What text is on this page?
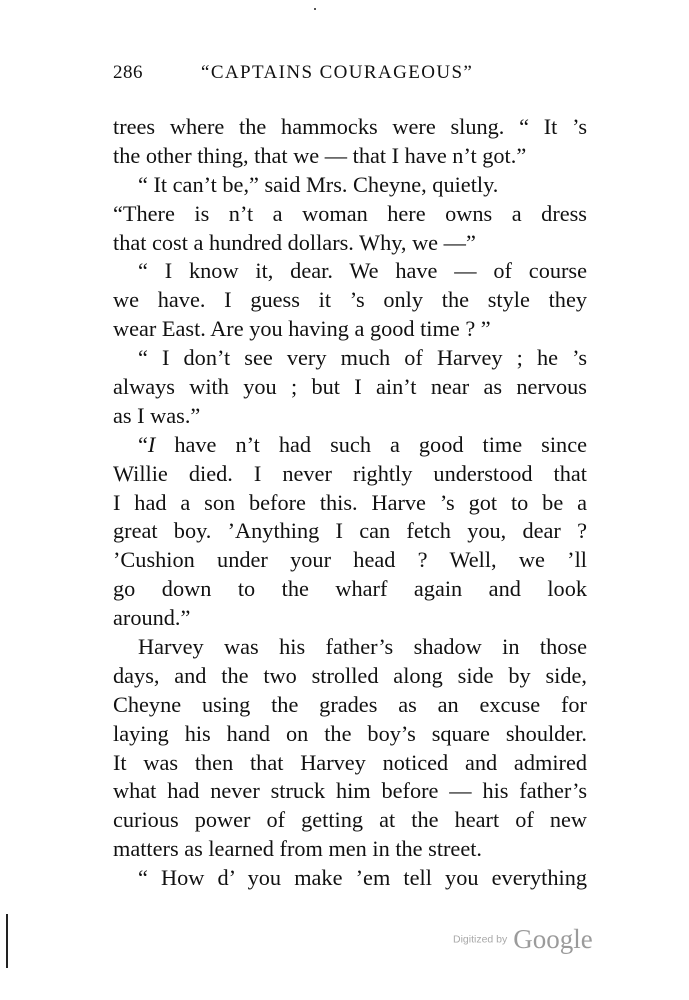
286	“CAPTAINS COURAGEOUS”
trees where the hammocks were slung. “ It ’s
the other thing, that we — that I have n’t got.”
“ It can’t be,” said Mrs. Cheyne, quietly.
“There is n’t a woman here owns a dress
that cost a hundred dollars. Why, we —”
“ I know it, dear. We have — of course
we have. I guess it ’s only the style they
wear East. Are you having a good time ? ”
“ I don’t see very much of Harvey ; he ’s
always with you ; but I ain’t near as nervous
as I was.”
“I have n’t had such a good time since
Willie died. I never rightly understood that
I had a son before this. Harve ’s got to be a
great boy. ’Anything I can fetch you, dear ?
’Cushion under your head ? Well, we ’ll
go down to the wharf again and look
around.”
Harvey was his father’s shadow in those
days, and the two strolled along side by side,
Cheyne using the grades as an excuse for
laying his hand on the boy’s square shoulder.
It was then that Harvey noticed and admired
what had never struck him before — his father’s
curious power of getting at the heart of new
matters as learned from men in the street.
“ How d’ you make ’em tell you everything
Digitized by Google
